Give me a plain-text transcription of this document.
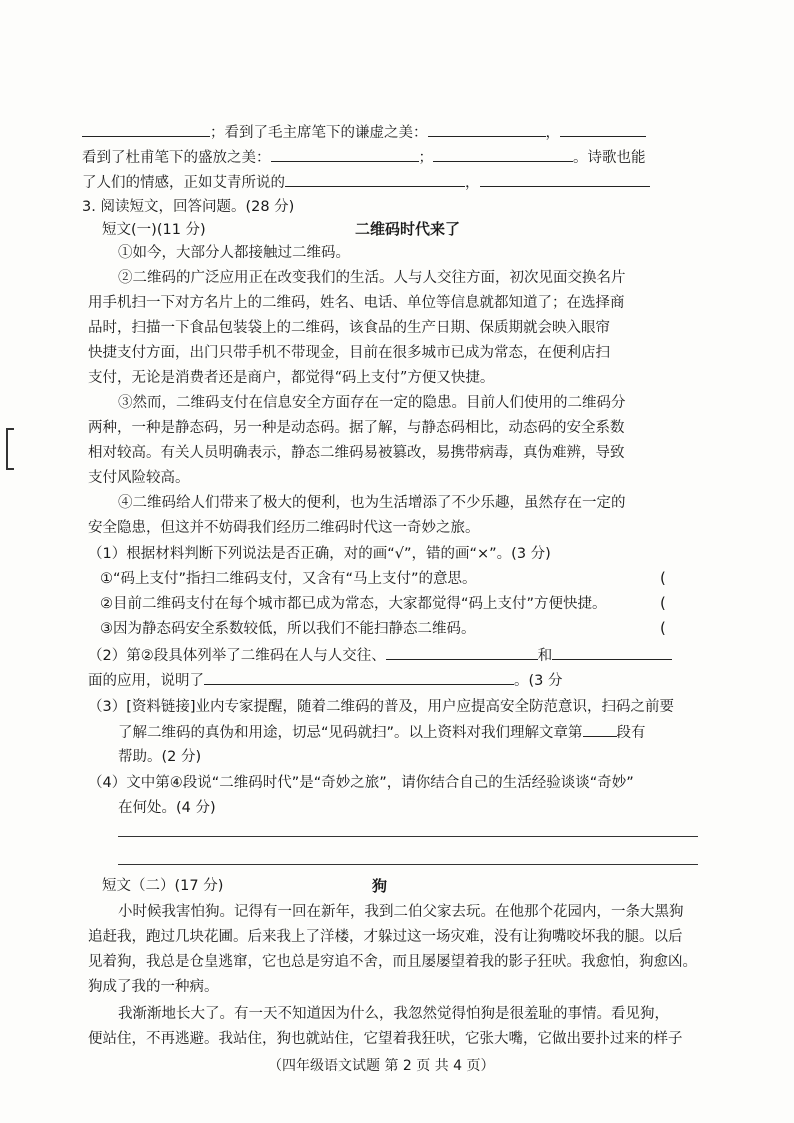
；看到了毛主席笔下的谦虚之美：	，
看到了杜甫笔下的盛放之美：	；	。诗歌也能
了人们的情感，正如艾青所说的	，
3. 阅读短文，回答问题。(28 分)
短文(一)(11 分)	二维码时代来了
①如今，大部分人都接触过二维码。
②二维码的广泛应用正在改变我们的生活。人与人交往方面，初次见面交换名片
用手机扫一下对方名片上的二维码，姓名、电话、单位等信息就都知道了；在选择商
品时，扫描一下食品包装袋上的二维码，该食品的生产日期、保质期就会映入眼帘
快捷支付方面，出门只带手机不带现金，目前在很多城市已成为常态，在便利店扫
支付，无论是消费者还是商户，都觉得“码上支付”方便又快捷。
③然而，二维码支付在信息安全方面存在一定的隐患。目前人们使用的二维码分
两种，一种是静态码，另一种是动态码。据了解，与静态码相比，动态码的安全系数
相对较高。有关人员明确表示，静态二维码易被篡改，易携带病毒，真伪难辨，导致
支付风险较高。
④二维码给人们带来了极大的便利，也为生活增添了不少乐趣，虽然存在一定的
安全隐患，但这并不妨碍我们经历二维码时代这一奇妙之旅。
（1）根据材料判断下列说法是否正确，对的画“√”，错的画“×”。(3 分)
①“码上支付”指扫二维码支付，又含有“马上支付”的意思。	(
②目前二维码支付在每个城市都已成为常态，大家都觉得“码上支付”方便快捷。	(
③因为静态码安全系数较低，所以我们不能扫静态二维码。	(
（2）第②段具体列举了二维码在人与人交往、	和
面的应用，说明了	。(3 分
（3）[资料链接]业内专家提醒，随着二维码的普及，用户应提高安全防范意识，扫码之前要
了解二维码的真伪和用途，切忌“见码就扫”。以上资料对我们理解文章第 段有
帮助。(2 分)
（4）文中第④段说“二维码时代”是“奇妙之旅”，请你结合自己的生活经验谈谈“奇妙”
在何处。(4 分)
短文（二）(17 分)	狗
小时候我害怕狗。记得有一回在新年，我到二伯父家去玩。在他那个花园内，一条大黑狗
追赶我，跑过几块花圃。后来我上了洋楼，才躲过这一场灾难，没有让狗嘴咬坏我的腿。以后
见着狗，我总是仓皇逃窜，它也总是穷追不舍，而且屡屡望着我的影子狂吠。我愈怕，狗愈凶。
狗成了我的一种病。
我渐渐地长大了。有一天不知道因为什么，我忽然觉得怕狗是很羞耻的事情。看见狗，
便站住，不再逃避。我站住，狗也就站住，它望着我狂吠，它张大嘴，它做出要扑过来的样子
（四年级语文试题 第 2 页 共 4 页）
